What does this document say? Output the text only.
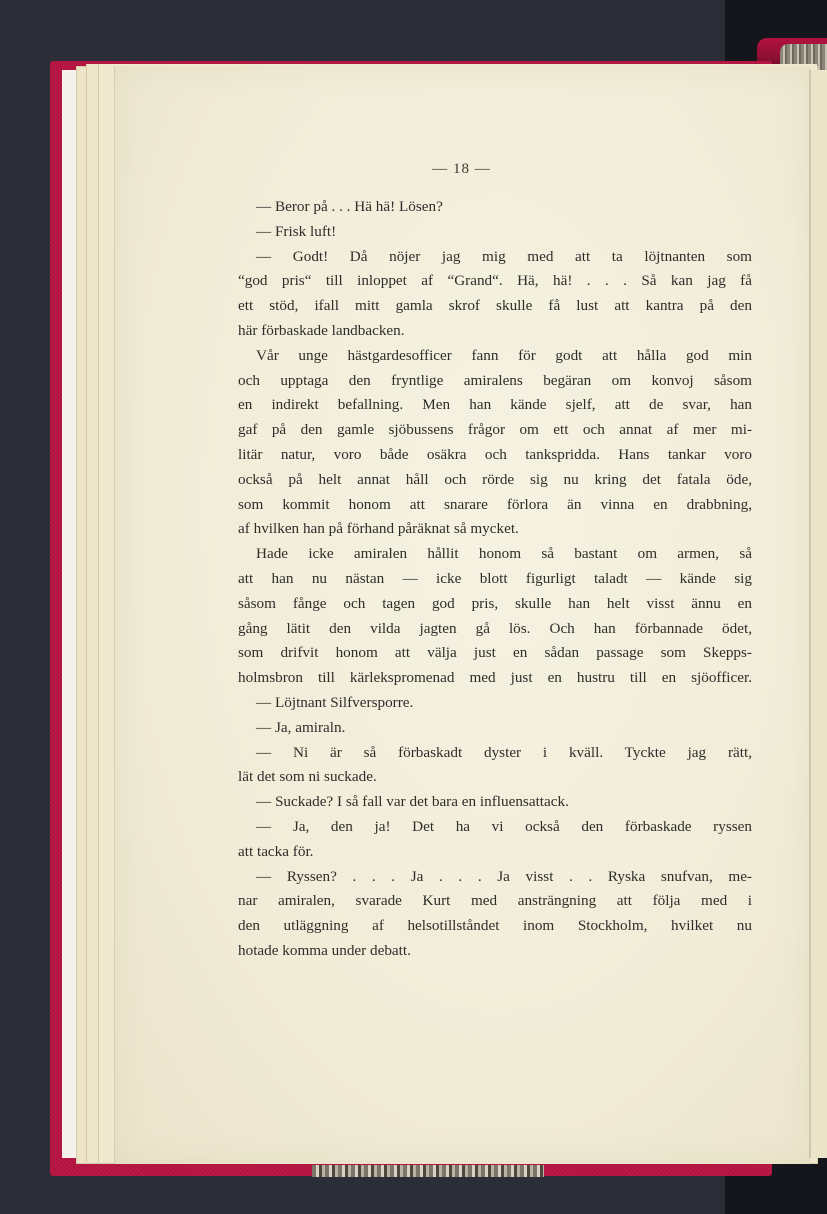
— 18 —
— Beror på . . . Hä hä! Lösen?
— Frisk luft!
— Godt! Då nöjer jag mig med att ta löjtnanten som
“god pris“ till inloppet af “Grand“. Hä, hä! . . . Så kan jag få
ett stöd, ifall mitt gamla skrof skulle få lust att kantra på den
här förbaskade landbacken.
Vår unge hästgardesofficer fann för godt att hålla god min
och upptaga den fryntlige amiralens begäran om konvoj såsom
en indirekt befallning. Men han kände sjelf, att de svar, han
gaf på den gamle sjöbussens frågor om ett och annat af mer mi-
litär natur, voro både osäkra och tankspridda. Hans tankar voro
också på helt annat håll och rörde sig nu kring det fatala öde,
som kommit honom att snarare förlora än vinna en drabbning,
af hvilken han på förhand påräknat så mycket.
Hade icke amiralen hållit honom så bastant om armen, så
att han nu nästan — icke blott figurligt taladt — kände sig
såsom fånge och tagen god pris, skulle han helt visst ännu en
gång lätit den vilda jagten gå lös. Och han förbannade ödet,
som drifvit honom att välja just en sådan passage som Skepps-
holmsbron till kärlekspromenad med just en hustru till en sjöofficer.
— Löjtnant Silfversporre.
— Ja, amiraln.
— Ni är så förbaskadt dyster i kväll. Tyckte jag rätt,
lät det som ni suckade.
— Suckade? I så fall var det bara en influensattack.
— Ja, den ja! Det ha vi också den förbaskade ryssen
att tacka för.
— Ryssen? . . . Ja . . . Ja visst . . Ryska snufvan, me-
nar amiralen, svarade Kurt med ansträngning att följa med i
den utläggning af helsotillståndet inom Stockholm, hvilket nu
hotade komma under debatt.
